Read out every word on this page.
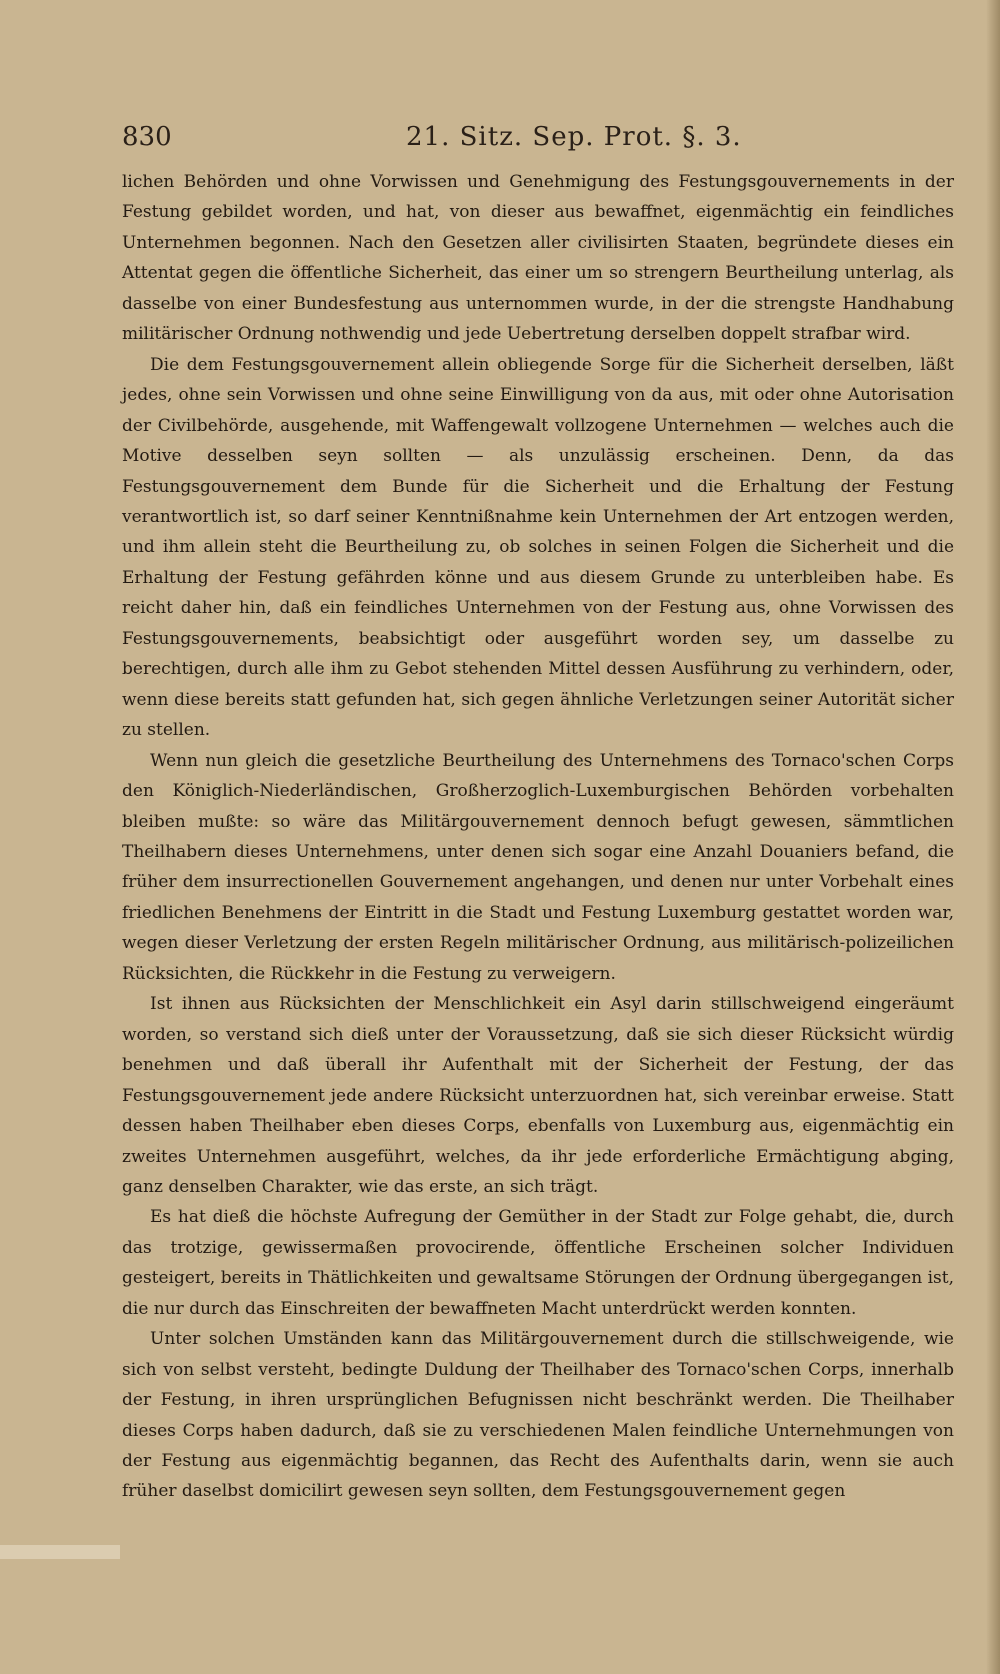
830	21. Sitz. Sep. Prot. §. 3.

lichen Behörden und ohne Vorwissen und Genehmigung des Festungsgouvernements in der Festung gebildet worden, und hat, von dieser aus bewaffnet, eigenmächtig ein feindliches Unternehmen begonnen. Nach den Gesetzen aller civilisirten Staaten, begründete dieses ein Attentat gegen die öffentliche Sicherheit, das einer um so strengern Beurtheilung unterlag, als dasselbe von einer Bundesfestung aus unternommen wurde, in der die strengste Handhabung militärischer Ordnung nothwendig und jede Uebertretung derselben doppelt strafbar wird.

Die dem Festungsgouvernement allein obliegende Sorge für die Sicherheit derselben, läßt jedes, ohne sein Vorwissen und ohne seine Einwilligung von da aus, mit oder ohne Autorisation der Civilbehörde, ausgehende, mit Waffengewalt vollzogene Unternehmen — welches auch die Motive desselben seyn sollten — als unzulässig erscheinen. Denn, da das Festungsgouvernement dem Bunde für die Sicherheit und die Erhaltung der Festung verantwortlich ist, so darf seiner Kenntnißnahme kein Unternehmen der Art entzogen werden, und ihm allein steht die Beurtheilung zu, ob solches in seinen Folgen die Sicherheit und die Erhaltung der Festung gefährden könne und aus diesem Grunde zu unterbleiben habe. Es reicht daher hin, daß ein feindliches Unternehmen von der Festung aus, ohne Vorwissen des Festungsgouvernements, beabsichtigt oder ausgeführt worden sey, um dasselbe zu berechtigen, durch alle ihm zu Gebot stehenden Mittel dessen Ausführung zu verhindern, oder, wenn diese bereits statt gefunden hat, sich gegen ähnliche Verletzungen seiner Autorität sicher zu stellen.

Wenn nun gleich die gesetzliche Beurtheilung des Unternehmens des Tornaco'schen Corps den Königlich-Niederländischen, Großherzoglich-Luxemburgischen Behörden vorbehalten bleiben mußte: so wäre das Militärgouvernement dennoch befugt gewesen, sämmtlichen Theilhabern dieses Unternehmens, unter denen sich sogar eine Anzahl Douaniers befand, die früher dem insurrectionellen Gouvernement angehangen, und denen nur unter Vorbehalt eines friedlichen Benehmens der Eintritt in die Stadt und Festung Luxemburg gestattet worden war, wegen dieser Verletzung der ersten Regeln militärischer Ordnung, aus militärisch-polizeilichen Rücksichten, die Rückkehr in die Festung zu verweigern.

Ist ihnen aus Rücksichten der Menschlichkeit ein Asyl darin stillschweigend eingeräumt worden, so verstand sich dieß unter der Voraussetzung, daß sie sich dieser Rücksicht würdig benehmen und daß überall ihr Aufenthalt mit der Sicherheit der Festung, der das Festungsgouvernement jede andere Rücksicht unterzuordnen hat, sich vereinbar erweise. Statt dessen haben Theilhaber eben dieses Corps, ebenfalls von Luxemburg aus, eigenmächtig ein zweites Unternehmen ausgeführt, welches, da ihr jede erforderliche Ermächtigung abging, ganz denselben Charakter, wie das erste, an sich trägt.

Es hat dieß die höchste Aufregung der Gemüther in der Stadt zur Folge gehabt, die, durch das trotzige, gewissermaßen provocirende, öffentliche Erscheinen solcher Individuen gesteigert, bereits in Thätlichkeiten und gewaltsame Störungen der Ordnung übergegangen ist, die nur durch das Einschreiten der bewaffneten Macht unterdrückt werden konnten.

Unter solchen Umständen kann das Militärgouvernement durch die stillschweigende, wie sich von selbst versteht, bedingte Duldung der Theilhaber des Tornaco'schen Corps, innerhalb der Festung, in ihren ursprünglichen Befugnissen nicht beschränkt werden. Die Theilhaber dieses Corps haben dadurch, daß sie zu verschiedenen Malen feindliche Unternehmungen von der Festung aus eigenmächtig begannen, das Recht des Aufenthalts darin, wenn sie auch früher daselbst domicilirt gewesen seyn sollten, dem Festungsgouvernement gegen
